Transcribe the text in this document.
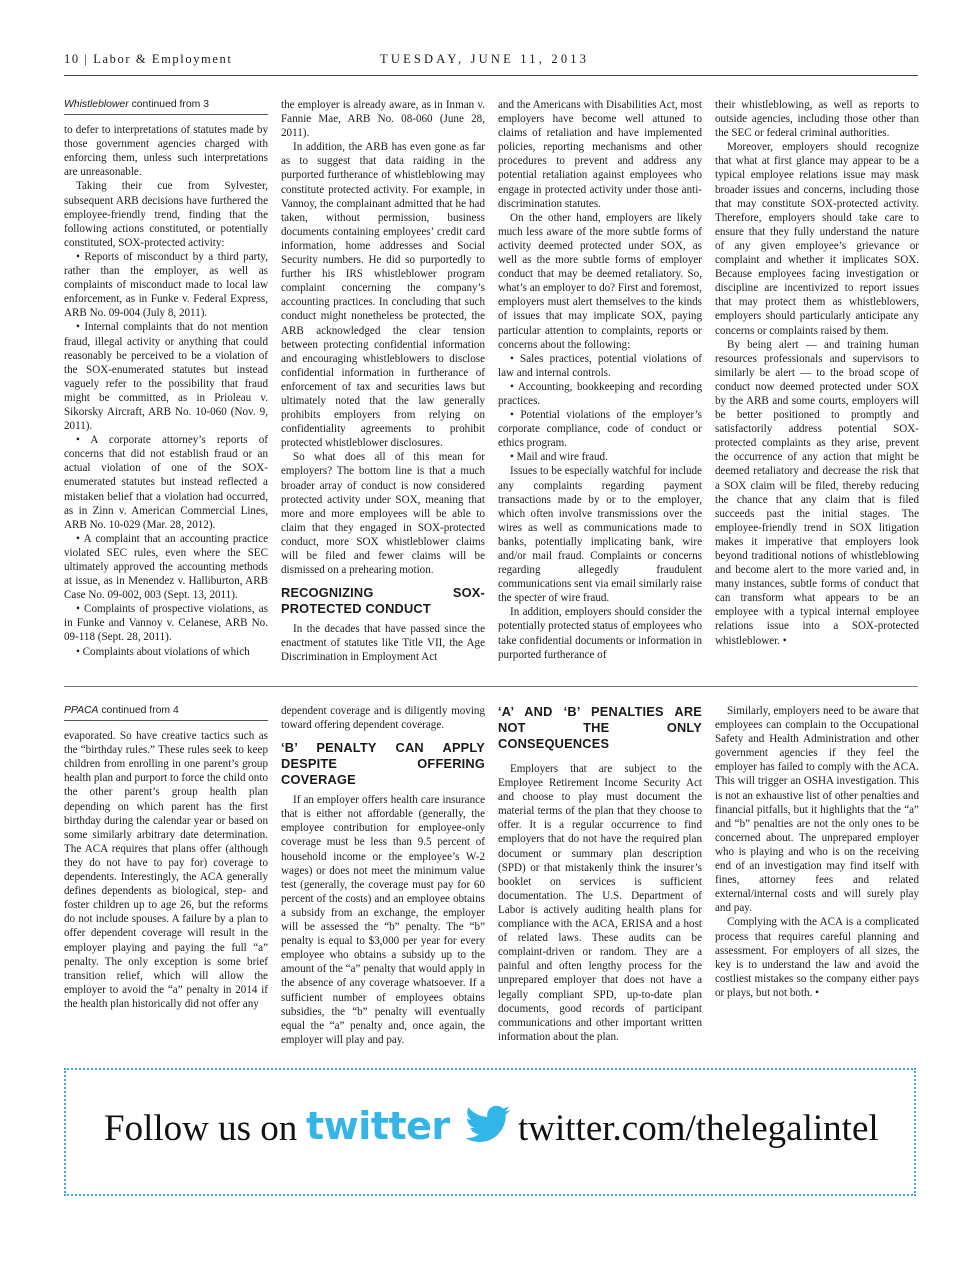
10 | Labor & Employment	TUESDAY, JUNE 11, 2013
Whistleblower continued from 3

to defer to interpretations of statutes made by those government agencies charged with enforcing them, unless such interpretations are unreasonable.

Taking their cue from Sylvester, subsequent ARB decisions have furthered the employee-friendly trend, finding that the following actions constituted, or potentially constituted, SOX-protected activity:

• Reports of misconduct by a third party, rather than the employer, as well as complaints of misconduct made to local law enforcement, as in Funke v. Federal Express, ARB No. 09-004 (July 8, 2011).

• Internal complaints that do not mention fraud, illegal activity or anything that could reasonably be perceived to be a violation of the SOX-enumerated statutes but instead vaguely refer to the possibility that fraud might be committed, as in Prioleau v. Sikorsky Aircraft, ARB No. 10-060 (Nov. 9, 2011).

• A corporate attorney’s reports of concerns that did not establish fraud or an actual violation of one of the SOX-enumerated statutes but instead reflected a mistaken belief that a violation had occurred, as in Zinn v. American Commercial Lines, ARB No. 10-029 (Mar. 28, 2012).

• A complaint that an accounting practice violated SEC rules, even where the SEC ultimately approved the accounting methods at issue, as in Menendez v. Halliburton, ARB Case No. 09-002, 003 (Sept. 13, 2011).

• Complaints of prospective violations, as in Funke and Vannoy v. Celanese, ARB No. 09-118 (Sept. 28, 2011).

• Complaints about violations of which

the employer is already aware, as in Inman v. Fannie Mae, ARB No. 08-060 (June 28, 2011).

In addition, the ARB has even gone as far as to suggest that data raiding in the purported furtherance of whistleblowing may constitute protected activity. For example, in Vannoy, the complainant admitted that he had taken, without permission, business documents containing employees’ credit card information, home addresses and Social Security numbers. He did so purportedly to further his IRS whistleblower program complaint concerning the company’s accounting practices. In concluding that such conduct might nonetheless be protected, the ARB acknowledged the clear tension between protecting confidential information and encouraging whistleblowers to disclose confidential information in furtherance of enforcement of tax and securities laws but ultimately noted that the law generally prohibits employers from relying on confidentiality agreements to prohibit protected whistleblower disclosures.

So what does all of this mean for employers? The bottom line is that a much broader array of conduct is now considered protected activity under SOX, meaning that more and more employees will be able to claim that they engaged in SOX-protected conduct, more SOX whistleblower claims will be filed and fewer claims will be dismissed on a prehearing motion.

RECOGNIZING SOX-PROTECTED CONDUCT

In the decades that have passed since the enactment of statutes like Title VII, the Age Discrimination in Employment Act

and the Americans with Disabilities Act, most employers have become well attuned to claims of retaliation and have implemented policies, reporting mechanisms and other procedures to prevent and address any potential retaliation against employees who engage in protected activity under those anti-discrimination statutes.

On the other hand, employers are likely much less aware of the more subtle forms of activity deemed protected under SOX, as well as the more subtle forms of employer conduct that may be deemed retaliatory. So, what’s an employer to do? First and foremost, employers must alert themselves to the kinds of issues that may implicate SOX, paying particular attention to complaints, reports or concerns about the following:

• Sales practices, potential violations of law and internal controls.

• Accounting, bookkeeping and recording practices.

• Potential violations of the employer’s corporate compliance, code of conduct or ethics program.

• Mail and wire fraud.

Issues to be especially watchful for include any complaints regarding payment transactions made by or to the employer, which often involve transmissions over the wires as well as communications made to banks, potentially implicating bank, wire and/or mail fraud. Complaints or concerns regarding allegedly fraudulent communications sent via email similarly raise the specter of wire fraud.

In addition, employers should consider the potentially protected status of employees who take confidential documents or information in purported furtherance of

their whistleblowing, as well as reports to outside agencies, including those other than the SEC or federal criminal authorities.

Moreover, employers should recognize that what at first glance may appear to be a typical employee relations issue may mask broader issues and concerns, including those that may constitute SOX-protected activity. Therefore, employers should take care to ensure that they fully understand the nature of any given employee’s grievance or complaint and whether it implicates SOX. Because employees facing investigation or discipline are incentivized to report issues that may protect them as whistleblowers, employers should particularly anticipate any concerns or complaints raised by them.

By being alert — and training human resources professionals and supervisors to similarly be alert — to the broad scope of conduct now deemed protected under SOX by the ARB and some courts, employers will be better positioned to promptly and satisfactorily address potential SOX-protected complaints as they arise, prevent the occurrence of any action that might be deemed retaliatory and decrease the risk that a SOX claim will be filed, thereby reducing the chance that any claim that is filed succeeds past the initial stages. The employee-friendly trend in SOX litigation makes it imperative that employers look beyond traditional notions of whistleblowing and become alert to the more varied and, in many instances, subtle forms of conduct that can transform what appears to be an employee with a typical internal employee relations issue into a SOX-protected whistleblower. •

PPACA continued from 4

evaporated. So have creative tactics such as the “birthday rules.” These rules seek to keep children from enrolling in one parent’s group health plan and purport to force the child onto the other parent’s group health plan depending on which parent has the first birthday during the calendar year or based on some similarly arbitrary date determination. The ACA requires that plans offer (although they do not have to pay for) coverage to dependents. Interestingly, the ACA generally defines dependents as biological, step- and foster children up to age 26, but the reforms do not include spouses. A failure by a plan to offer dependent coverage will result in the employer playing and paying the full “a” penalty. The only exception is some brief transition relief, which will allow the employer to avoid the “a” penalty in 2014 if the health plan historically did not offer any

dependent coverage and is diligently moving toward offering dependent coverage.

‘B’ PENALTY CAN APPLY DESPITE OFFERING COVERAGE

If an employer offers health care insurance that is either not affordable (generally, the employee contribution for employee-only coverage must be less than 9.5 percent of household income or the employee’s W-2 wages) or does not meet the minimum value test (generally, the coverage must pay for 60 percent of the costs) and an employee obtains a subsidy from an exchange, the employer will be assessed the “b” penalty. The “b” penalty is equal to $3,000 per year for every employee who obtains a subsidy up to the amount of the “a” penalty that would apply in the absence of any coverage whatsoever. If a sufficient number of employees obtains subsidies, the “b” penalty will eventually equal the “a” penalty and, once again, the employer will play and pay.

‘A’ AND ‘B’ PENALTIES ARE NOT THE ONLY CONSEQUENCES

Employers that are subject to the Employee Retirement Income Security Act and choose to play must document the material terms of the plan that they choose to offer. It is a regular occurrence to find employers that do not have the required plan document or summary plan description (SPD) or that mistakenly think the insurer’s booklet on services is sufficient documentation. The U.S. Department of Labor is actively auditing health plans for compliance with the ACA, ERISA and a host of related laws. These audits can be complaint-driven or random. They are a painful and often lengthy process for the unprepared employer that does not have a legally compliant SPD, up-to-date plan documents, good records of participant communications and other important written information about the plan.

Similarly, employers need to be aware that employees can complain to the Occupational Safety and Health Administration and other government agencies if they feel the employer has failed to comply with the ACA. This will trigger an OSHA investigation. This is not an exhaustive list of other penalties and financial pitfalls, but it highlights that the “a” and “b” penalties are not the only ones to be concerned about. The unprepared employer who is playing and who is on the receiving end of an investigation may find itself with fines, attorney fees and related external/internal costs and will surely play and pay.

Complying with the ACA is a complicated process that requires careful planning and assessment. For employers of all sizes, the key is to understand the law and avoid the costliest mistakes so the company either pays or plays, but not both. •

Follow us on twitter twitter.com/thelegalintel
